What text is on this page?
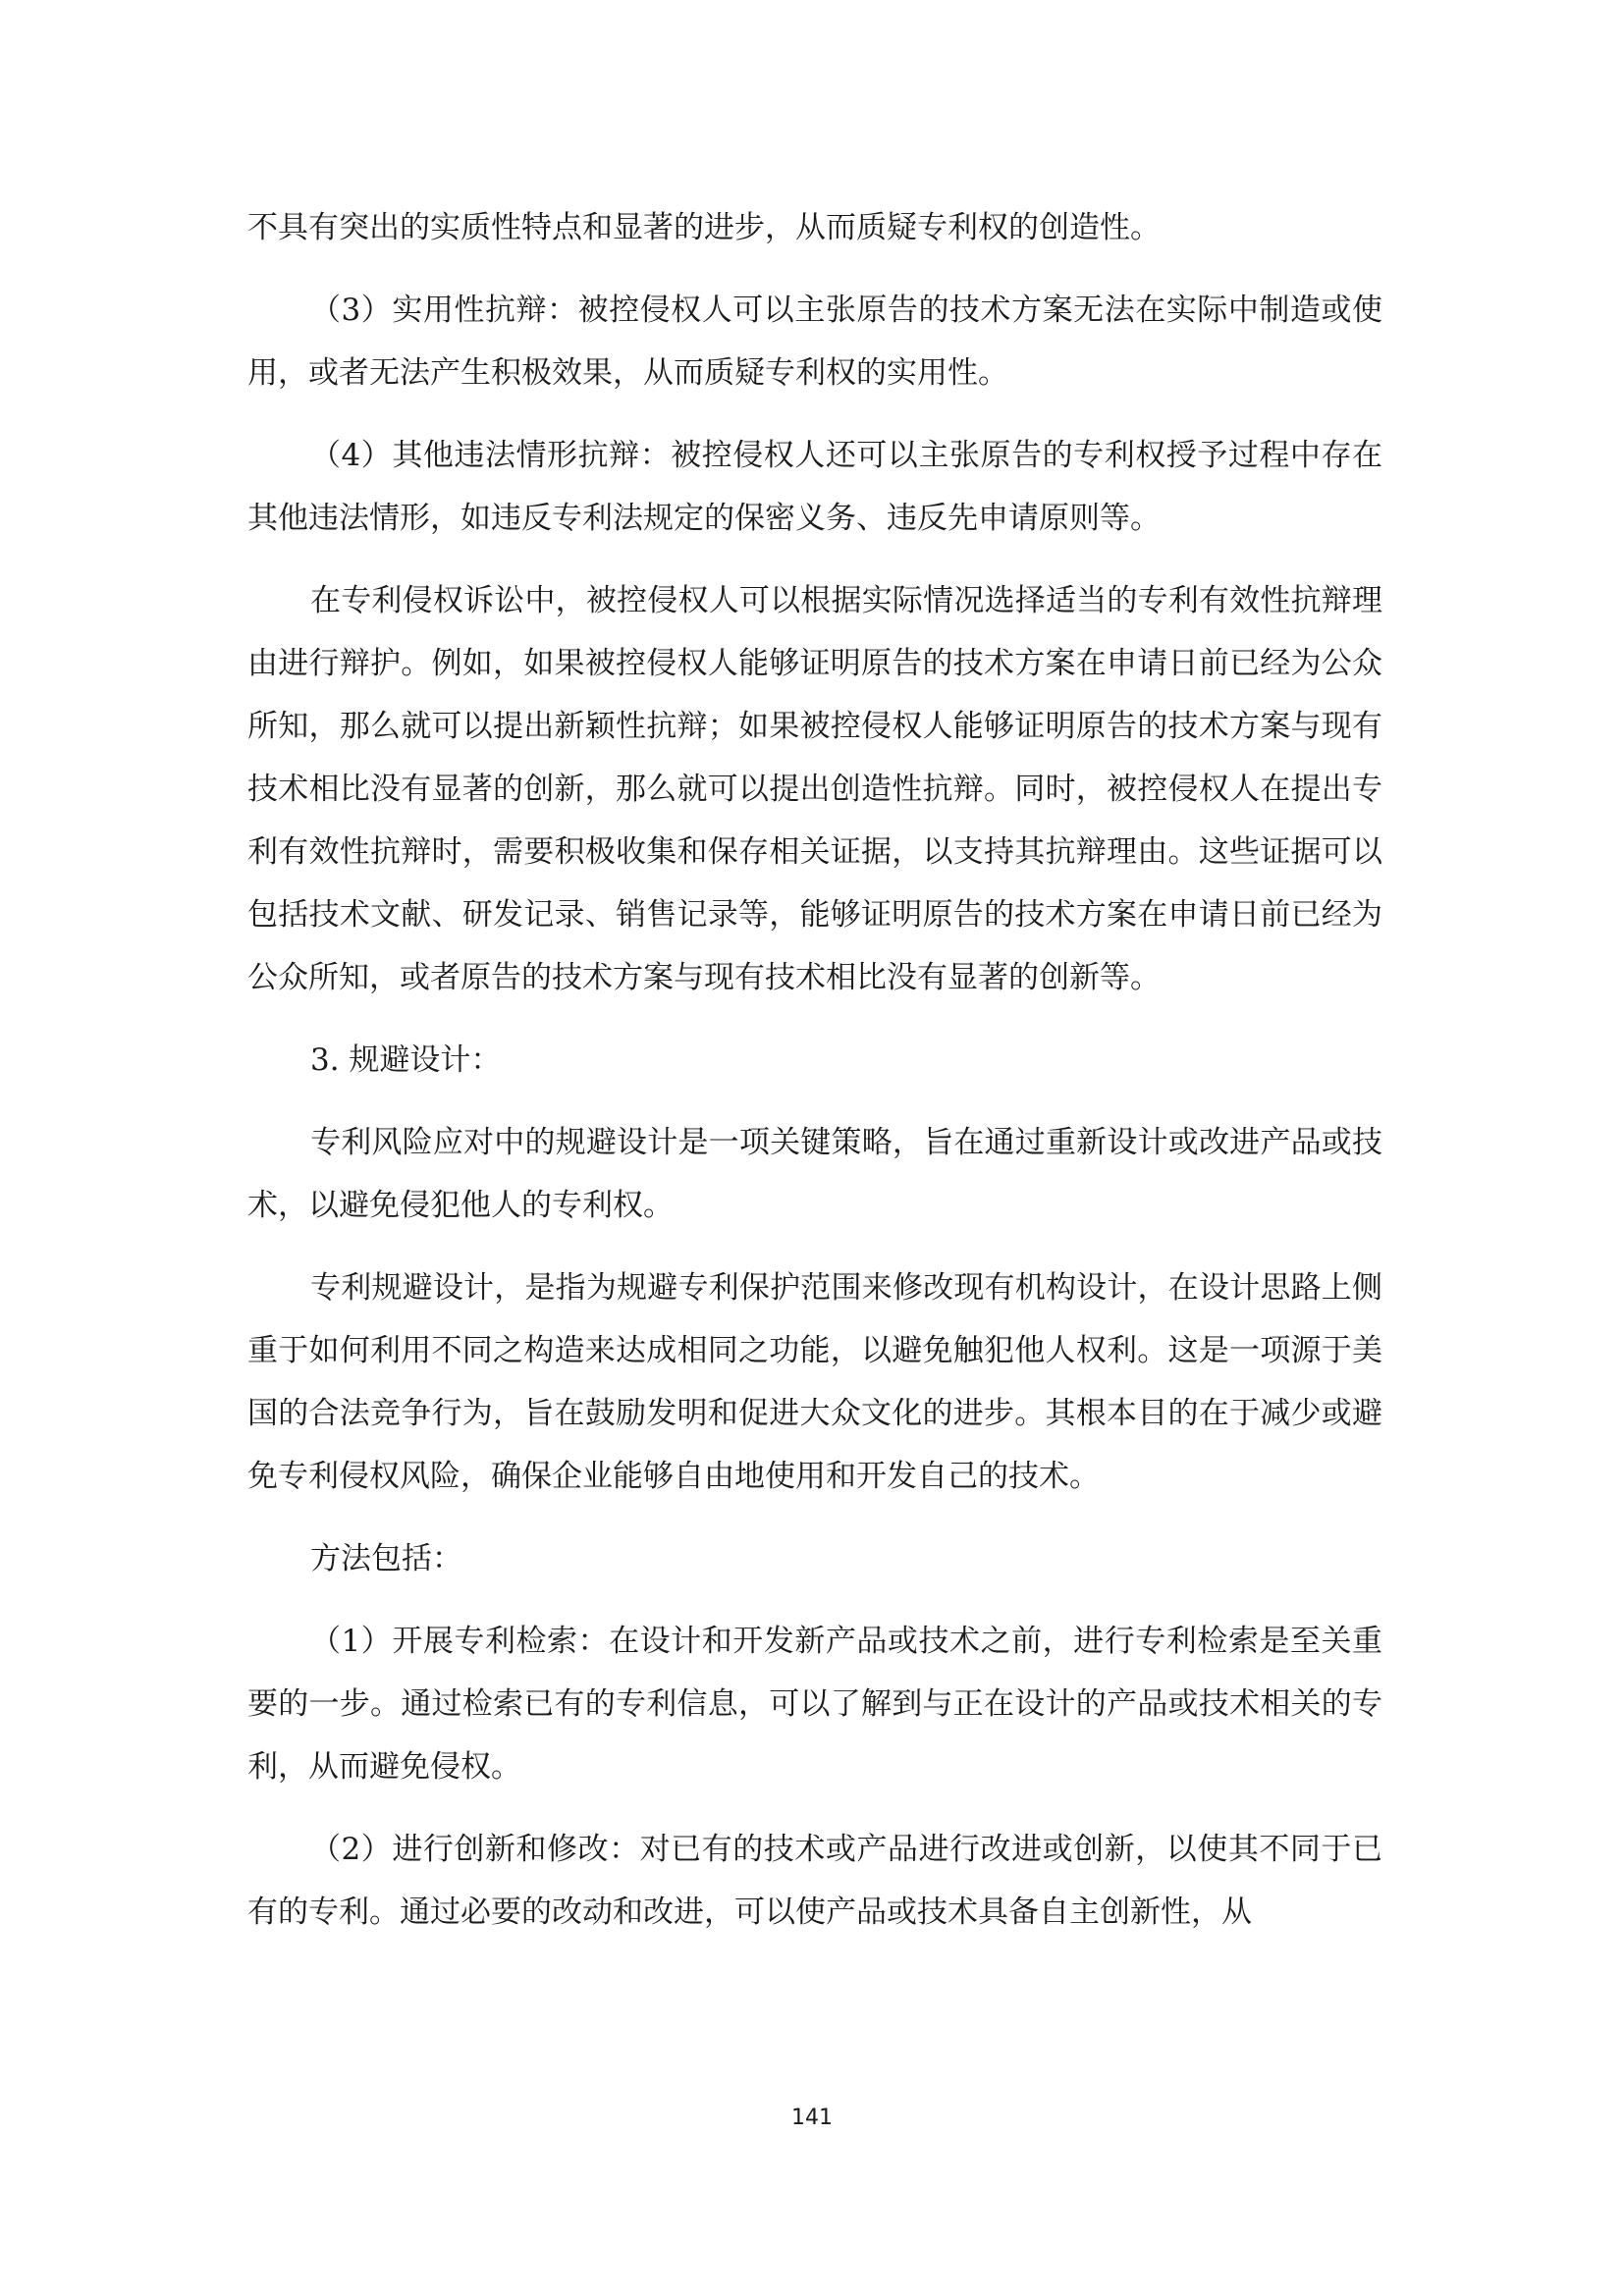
不具有突出的实质性特点和显著的进步，从而质疑专利权的创造性。

（3）实用性抗辩：被控侵权人可以主张原告的技术方案无法在实际中制造或使用，或者无法产生积极效果，从而质疑专利权的实用性。

（4）其他违法情形抗辩：被控侵权人还可以主张原告的专利权授予过程中存在其他违法情形，如违反专利法规定的保密义务、违反先申请原则等。

在专利侵权诉讼中，被控侵权人可以根据实际情况选择适当的专利有效性抗辩理由进行辩护。例如，如果被控侵权人能够证明原告的技术方案在申请日前已经为公众所知，那么就可以提出新颖性抗辩；如果被控侵权人能够证明原告的技术方案与现有技术相比没有显著的创新，那么就可以提出创造性抗辩。同时，被控侵权人在提出专利有效性抗辩时，需要积极收集和保存相关证据，以支持其抗辩理由。这些证据可以包括技术文献、研发记录、销售记录等，能够证明原告的技术方案在申请日前已经为公众所知，或者原告的技术方案与现有技术相比没有显著的创新等。

3. 规避设计：

专利风险应对中的规避设计是一项关键策略，旨在通过重新设计或改进产品或技术，以避免侵犯他人的专利权。

专利规避设计，是指为规避专利保护范围来修改现有机构设计，在设计思路上侧重于如何利用不同之构造来达成相同之功能，以避免触犯他人权利。这是一项源于美国的合法竞争行为，旨在鼓励发明和促进大众文化的进步。其根本目的在于减少或避免专利侵权风险，确保企业能够自由地使用和开发自己的技术。

方法包括：

（1）开展专利检索：在设计和开发新产品或技术之前，进行专利检索是至关重要的一步。通过检索已有的专利信息，可以了解到与正在设计的产品或技术相关的专利，从而避免侵权。

（2）进行创新和修改：对已有的技术或产品进行改进或创新，以使其不同于已有的专利。通过必要的改动和改进，可以使产品或技术具备自主创新性，从

141
